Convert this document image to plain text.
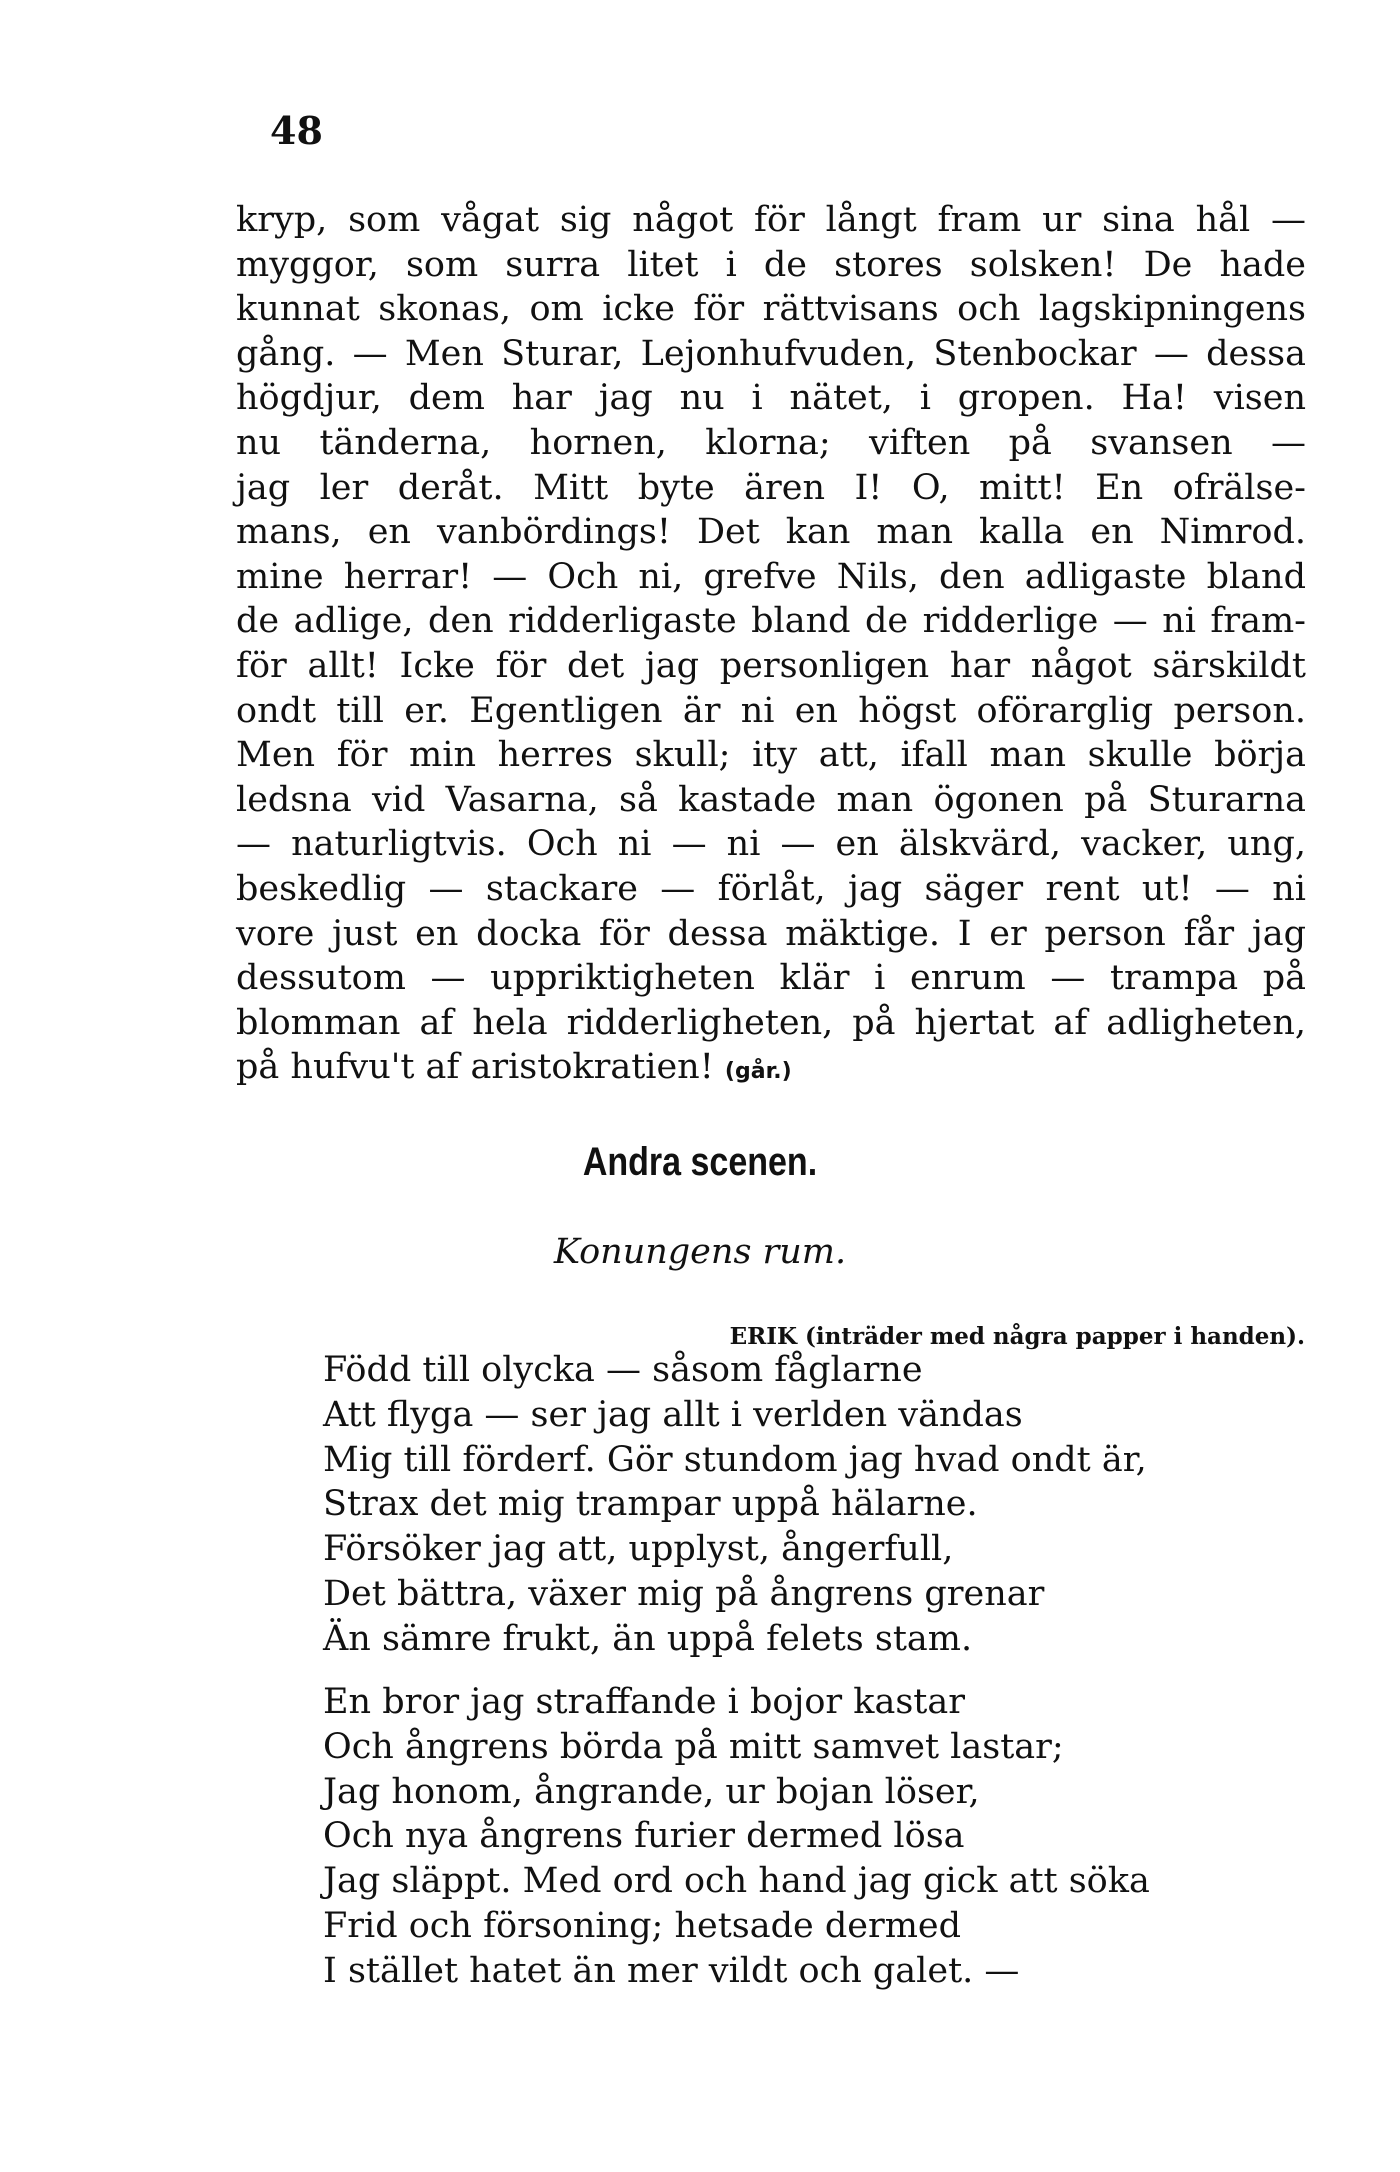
48
kryp, som vågat sig något för långt fram ur sina hål —
myggor, som surra litet i de stores solsken! De hade
kunnat skonas, om icke för rättvisans och lagskipningens
gång. — Men Sturar, Lejonhufvuden, Stenbockar — dessa
högdjur, dem har jag nu i nätet, i gropen. Ha! visen
nu tänderna, hornen, klorna; viften på svansen —
jag ler deråt. Mitt byte ären I! O, mitt! En ofrälse-
mans, en vanbördings! Det kan man kalla en Nimrod.
mine herrar! — Och ni, grefve Nils, den adligaste bland
de adlige, den ridderligaste bland de ridderlige — ni fram-
för allt! Icke för det jag personligen har något särskildt
ondt till er. Egentligen är ni en högst oförarglig person.
Men för min herres skull; ity att, ifall man skulle börja
ledsna vid Vasarna, så kastade man ögonen på Sturarna
— naturligtvis. Och ni — ni — en älskvärd, vacker, ung,
beskedlig — stackare — förlåt, jag säger rent ut! — ni
vore just en docka för dessa mäktige. I er person får jag
dessutom — uppriktigheten klär i enrum — trampa på
blomman af hela ridderligheten, på hjertat af adligheten,
på hufvu't af aristokratien! (går.)
Andra scenen.
Konungens rum.
ERIK (inträder med några papper i handen).
Född till olycka — såsom fåglarne
Att flyga — ser jag allt i verlden vändas
Mig till förderf. Gör stundom jag hvad ondt är,
Strax det mig trampar uppå hälarne.
Försöker jag att, upplyst, ångerfull,
Det bättra, växer mig på ångrens grenar
Än sämre frukt, än uppå felets stam.
En bror jag straffande i bojor kastar
Och ångrens börda på mitt samvet lastar;
Jag honom, ångrande, ur bojan löser,
Och nya ångrens furier dermed lösa
Jag släppt. Med ord och hand jag gick att söka
Frid och försoning; hetsade dermed
I stället hatet än mer vildt och galet. —
